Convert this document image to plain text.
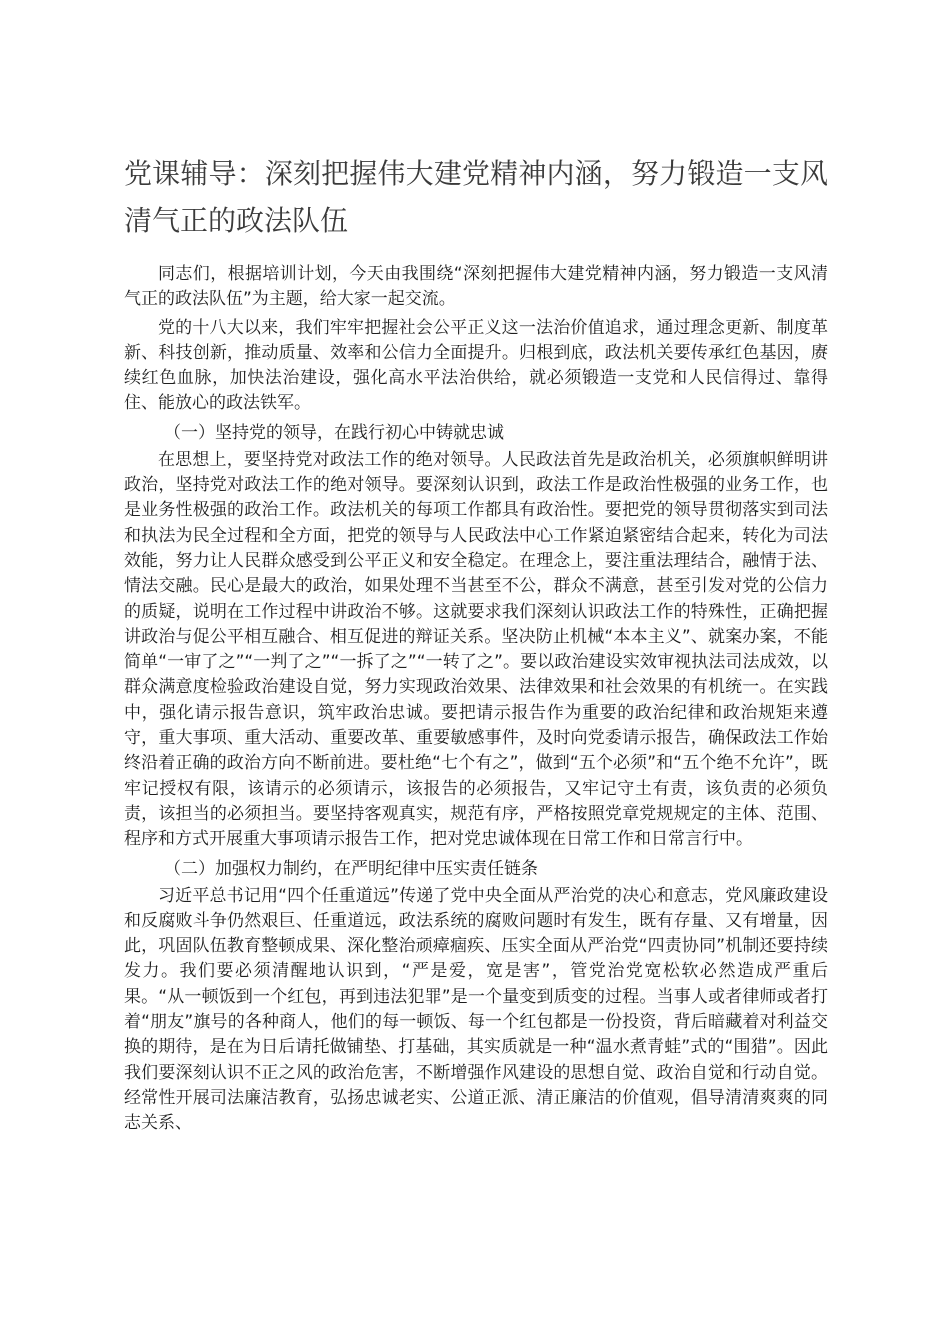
党课辅导：深刻把握伟大建党精神内涵，努力锻造一支风清气正的政法队伍

同志们，根据培训计划，今天由我围绕“深刻把握伟大建党精神内涵，努力锻造一支风清气正的政法队伍”为主题，给大家一起交流。

党的十八大以来，我们牢牢把握社会公平正义这一法治价值追求，通过理念更新、制度革新、科技创新，推动质量、效率和公信力全面提升。归根到底，政法机关要传承红色基因，赓续红色血脉，加快法治建设，强化高水平法治供给，就必须锻造一支党和人民信得过、靠得住、能放心的政法铁军。

（一）坚持党的领导，在践行初心中铸就忠诚

在思想上，要坚持党对政法工作的绝对领导。人民政法首先是政治机关，必须旗帜鲜明讲政治，坚持党对政法工作的绝对领导。要深刻认识到，政法工作是政治性极强的业务工作，也是业务性极强的政治工作。政法机关的每项工作都具有政治性。要把党的领导贯彻落实到司法和执法为民全过程和全方面，把党的领导与人民政法中心工作紧迫紧密结合起来，转化为司法效能，努力让人民群众感受到公平正义和安全稳定。在理念上，要注重法理结合，融情于法、情法交融。民心是最大的政治，如果处理不当甚至不公，群众不满意，甚至引发对党的公信力的质疑，说明在工作过程中讲政治不够。这就要求我们深刻认识政法工作的特殊性，正确把握讲政治与促公平相互融合、相互促进的辩证关系。坚决防止机械“本本主义”、就案办案，不能简单“一审了之”“一判了之”“一拆了之”“一转了之”。要以政治建设实效审视执法司法成效，以群众满意度检验政治建设自觉，努力实现政治效果、法律效果和社会效果的有机统一。在实践中，强化请示报告意识，筑牢政治忠诚。要把请示报告作为重要的政治纪律和政治规矩来遵守，重大事项、重大活动、重要改革、重要敏感事件，及时向党委请示报告，确保政法工作始终沿着正确的政治方向不断前进。要杜绝“七个有之”，做到“五个必须”和“五个绝不允许”，既牢记授权有限，该请示的必须请示，该报告的必须报告，又牢记守土有责，该负责的必须负责，该担当的必须担当。要坚持客观真实，规范有序，严格按照党章党规规定的主体、范围、程序和方式开展重大事项请示报告工作，把对党忠诚体现在日常工作和日常言行中。

（二）加强权力制约，在严明纪律中压实责任链条

习近平总书记用“四个任重道远”传递了党中央全面从严治党的决心和意志，党风廉政建设和反腐败斗争仍然艰巨、任重道远，政法系统的腐败问题时有发生，既有存量、又有增量，因此，巩固队伍教育整顿成果、深化整治顽瘴痼疾、压实全面从严治党“四责协同”机制还要持续发力。我们要必须清醒地认识到，“严是爱，宽是害”，管党治党宽松软必然造成严重后果。“从一顿饭到一个红包，再到违法犯罪”是一个量变到质变的过程。当事人或者律师或者打着“朋友”旗号的各种商人，他们的每一顿饭、每一个红包都是一份投资，背后暗藏着对利益交换的期待，是在为日后请托做铺垫、打基础，其实质就是一种“温水煮青蛙”式的“围猎”。因此我们要深刻认识不正之风的政治危害，不断增强作风建设的思想自觉、政治自觉和行动自觉。经常性开展司法廉洁教育，弘扬忠诚老实、公道正派、清正廉洁的价值观，倡导清清爽爽的同志关系、
